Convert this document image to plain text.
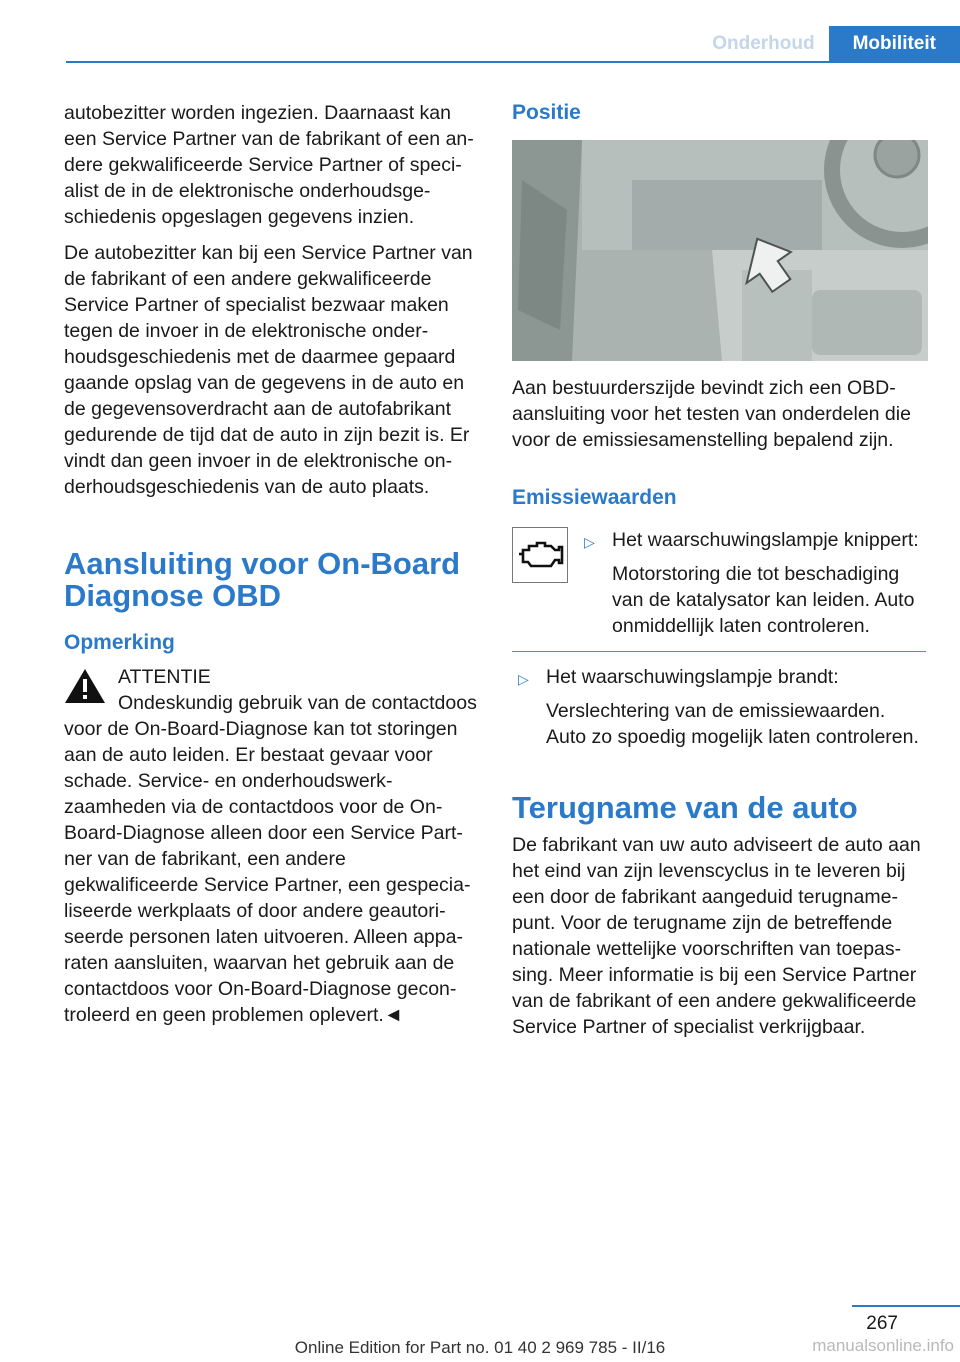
Onderhoud	Mobiliteit

autobezitter worden ingezien. Daarnaast kan een Service Partner van de fabrikant of een andere gekwalificeerde Service Partner of specialist de in de elektronische onderhoudsgeschiedenis opgeslagen gegevens inzien.

De autobezitter kan bij een Service Partner van de fabrikant of een andere gekwalificeerde Service Partner of specialist bezwaar maken tegen de invoer in de elektronische onderhoudsgeschiedenis met de daarmee gepaard gaande opslag van de gegevens in de auto en de gegevensoverdracht aan de autofabrikant gedurende de tijd dat de auto in zijn bezit is. Er vindt dan geen invoer in de elektronische onderhoudsgeschiedenis van de auto plaats.

Aansluiting voor On-Board Diagnose OBD
Opmerking
ATTENTIE

Ondeskundig gebruik van de contactdoos voor de On-Board-Diagnose kan tot storingen aan de auto leiden. Er bestaat gevaar voor schade. Service- en onderhoudswerkzaamheden via de contactdoos voor de On-Board-Diagnose alleen door een Service Partner van de fabrikant, een andere gekwalificeerde Service Partner, een gespecialiseerde werkplaats of door andere geautoriseerde personen laten uitvoeren. Alleen apparaten aansluiten, waarvan het gebruik aan de contactdoos voor On-Board-Diagnose gecontroleerd en geen problemen oplevert.◄

Positie

Aan bestuurderszijde bevindt zich een OBD-aansluiting voor het testen van onderdelen die voor de emissiesamenstelling bepalend zijn.

Emissiewaarden
▷ Het waarschuwingslampje knippert:
Motorstoring die tot beschadiging van de katalysator kan leiden. Auto onmiddellijk laten controleren.
▷ Het waarschuwingslampje brandt:
Verslechtering van de emissiewaarden. Auto zo spoedig mogelijk laten controleren.
Terugname van de auto

De fabrikant van uw auto adviseert de auto aan het eind van zijn levenscyclus in te leveren bij een door de fabrikant aangeduid terugnamepunt. Voor de terugname zijn de betreffende nationale wettelijke voorschriften van toepassing. Meer informatie is bij een Service Partner van de fabrikant of een andere gekwalificeerde Service Partner of specialist verkrijgbaar.

267
Online Edition for Part no. 01 40 2 969 785 - II/16	manualsonline.info
